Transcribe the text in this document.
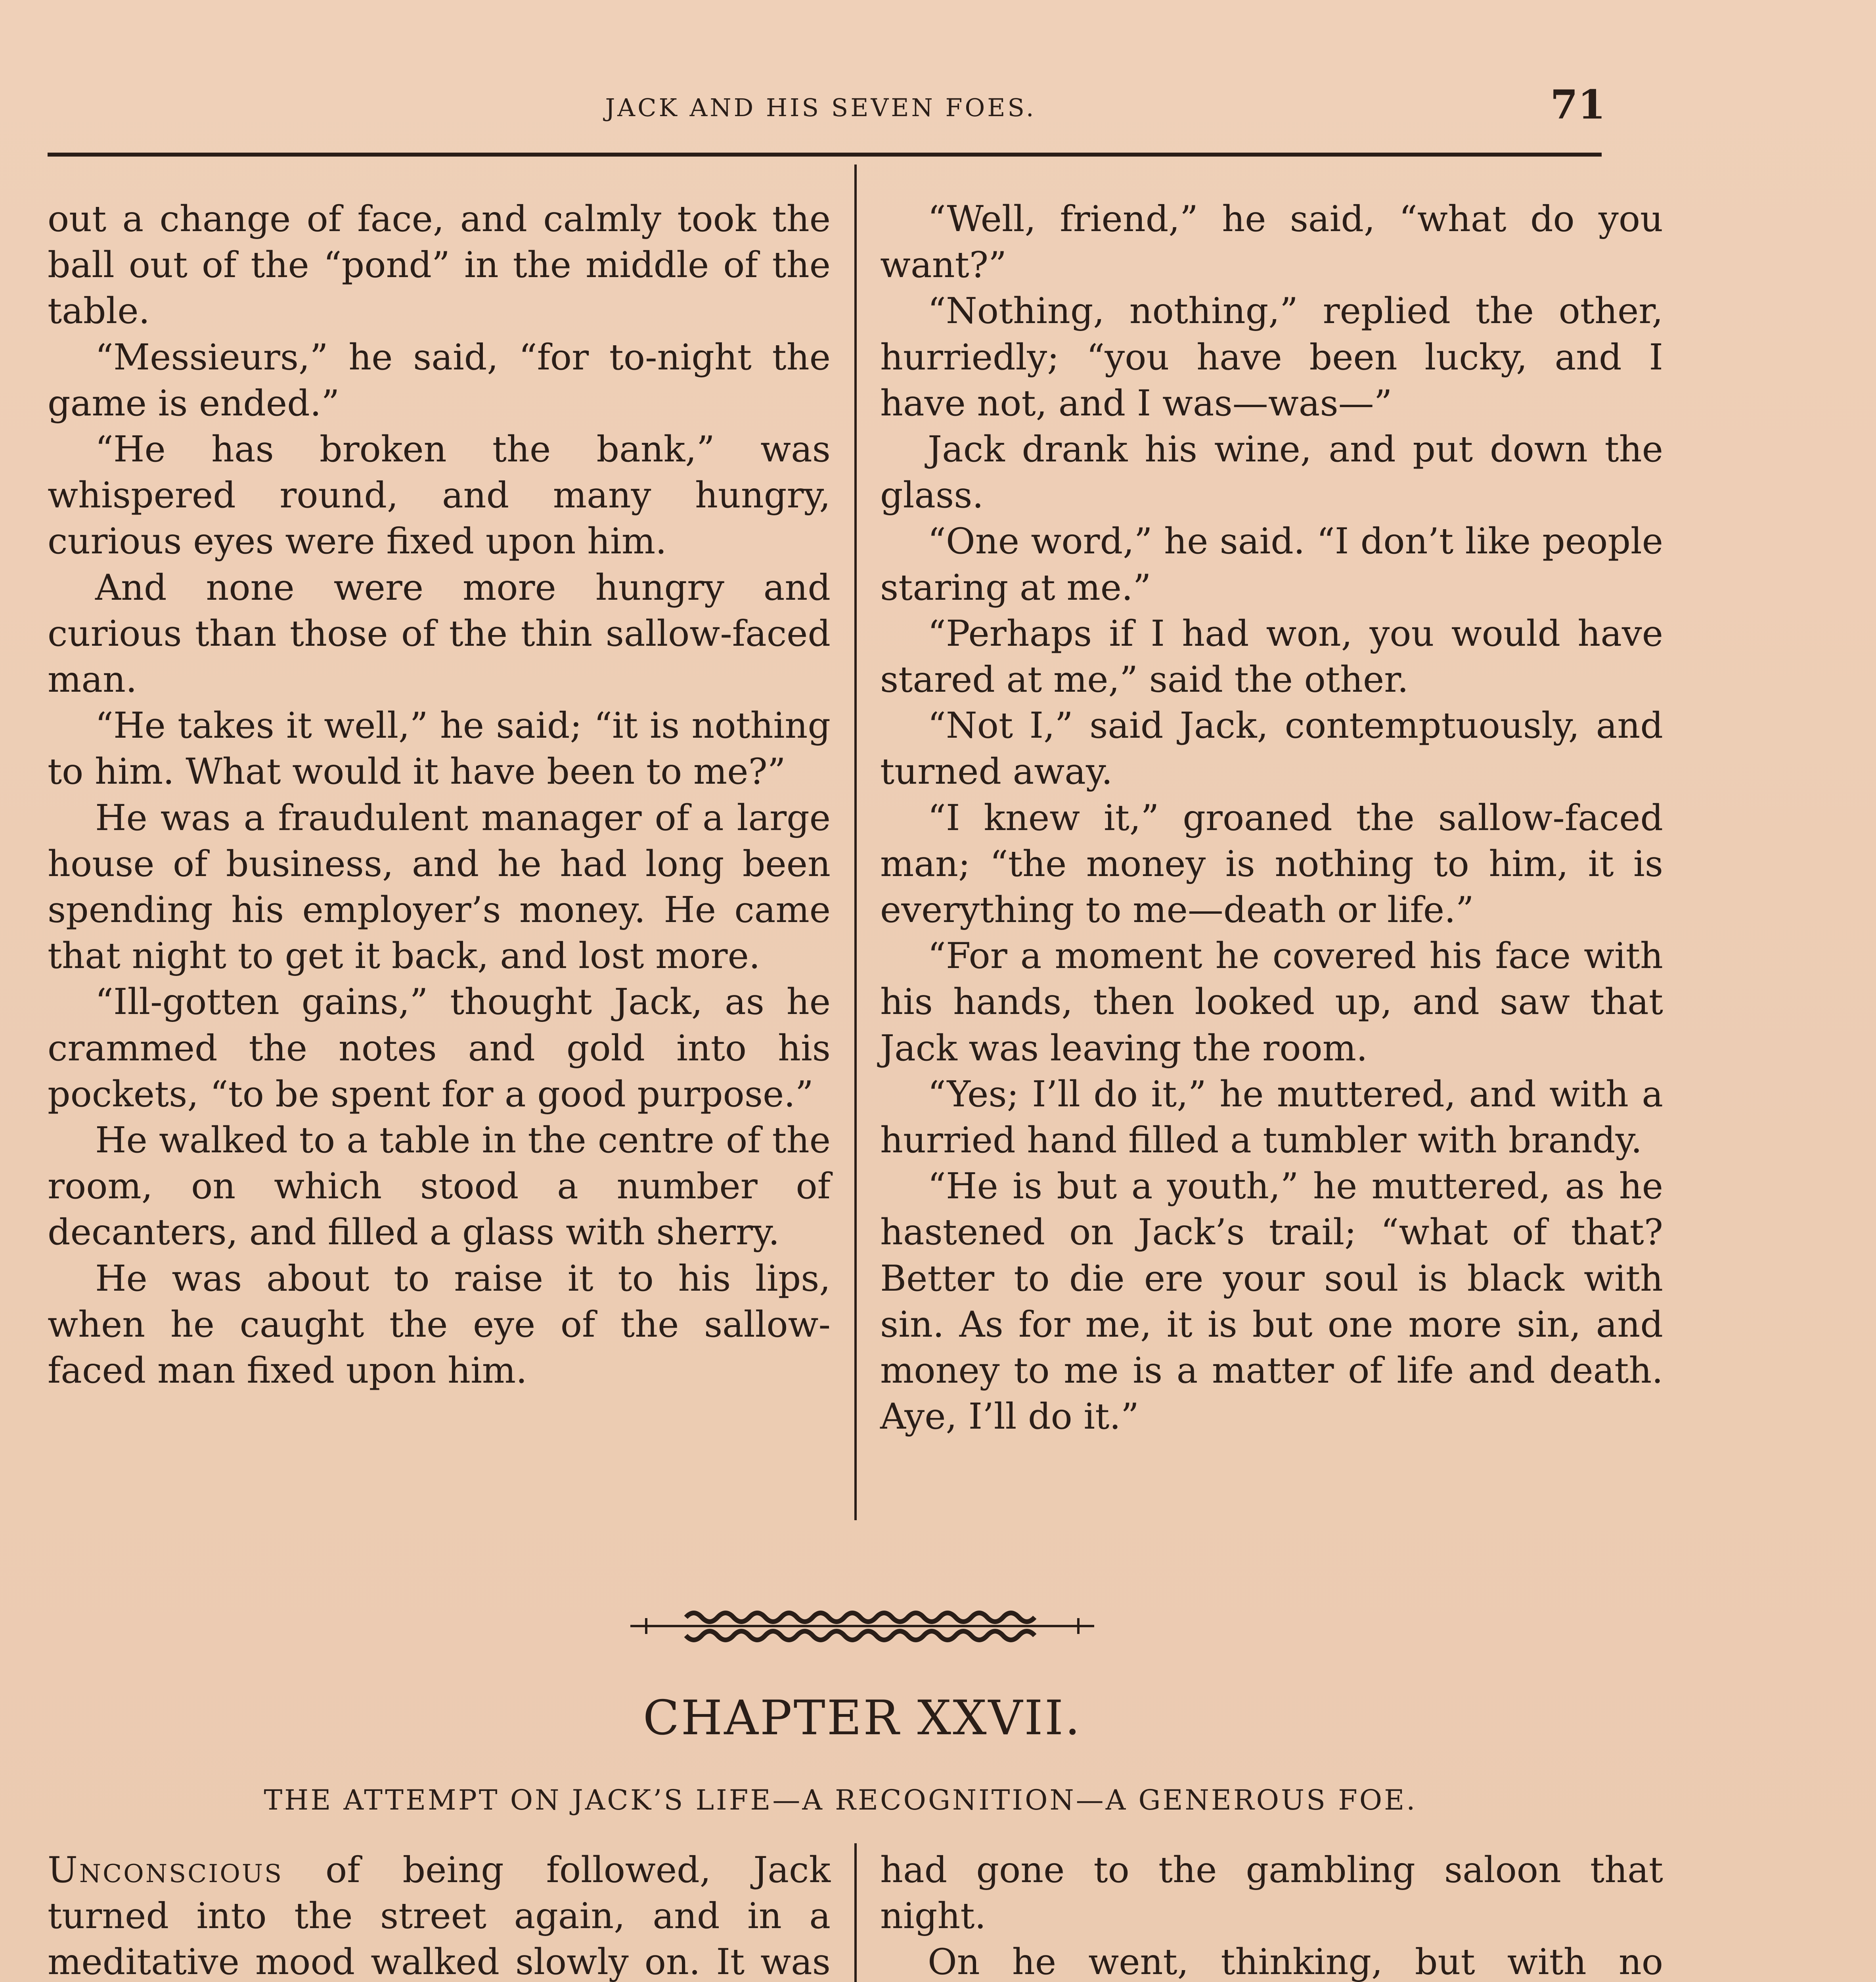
JACK AND HIS SEVEN FOES.	71

out a change of face, and calmly took the ball out of the “pond” in the middle of the table.

“Messieurs,” he said, “for to-night the game is ended.”

“He has broken the bank,” was whispered round, and many hungry, curious eyes were fixed upon him.

And none were more hungry and curious than those of the thin sallow-faced man.

“He takes it well,” he said; “it is nothing to him. What would it have been to me?”

He was a fraudulent manager of a large house of business, and he had long been spending his employer’s money. He came that night to get it back, and lost more.

“Ill-gotten gains,” thought Jack, as he crammed the notes and gold into his pockets, “to be spent for a good purpose.”

He walked to a table in the centre of the room, on which stood a number of decanters, and filled a glass with sherry.

He was about to raise it to his lips, when he caught the eye of the sallow-faced man fixed upon him.

“Well, friend,” he said, “what do you want?”

“Nothing, nothing,” replied the other, hurriedly; “you have been lucky, and I have not, and I was—was—”

Jack drank his wine, and put down the glass.

“One word,” he said. “I don’t like people staring at me.”

“Perhaps if I had won, you would have stared at me,” said the other.

“Not I,” said Jack, contemptuously, and turned away.

“I knew it,” groaned the sallow-faced man; “the money is nothing to him, it is everything to me—death or life.”

“For a moment he covered his face with his hands, then looked up, and saw that Jack was leaving the room.

“Yes; I’ll do it,” he muttered, and with a hurried hand filled a tumbler with brandy.

“He is but a youth,” he muttered, as he hastened on Jack’s trail; “what of that? Better to die ere your soul is black with sin. As for me, it is but one more sin, and money to me is a matter of life and death. Aye, I’ll do it.”

CHAPTER XXVII.
THE ATTEMPT ON JACK’S LIFE—A RECOGNITION—A GENEROUS FOE.

Unconscious of being followed, Jack turned into the street again, and in a meditative mood walked slowly on. It was

had gone to the gambling saloon that night.

On he went, thinking, but with no
